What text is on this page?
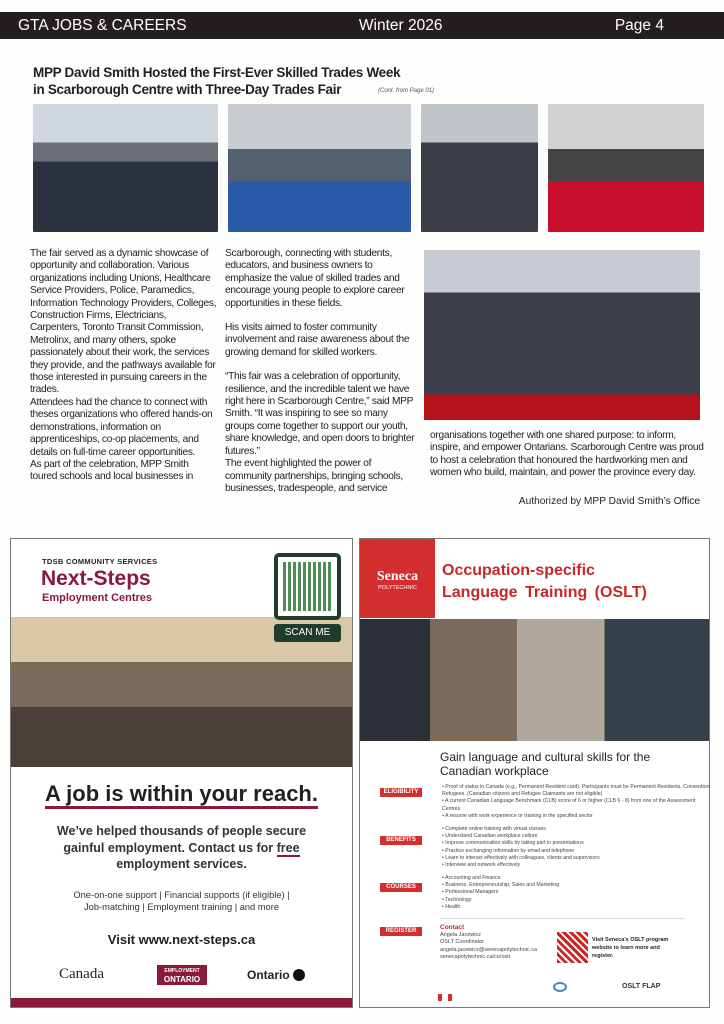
GTA JOBS & CAREERS	Winter 2026	Page 4
MPP David Smith Hosted the First-Ever Skilled Trades Week
in Scarborough Centre with Three-Day Trades Fair	(Cont. from Page 01)

The fair served as a dynamic showcase of opportunity and collaboration. Various organizations including Unions, Healthcare Service Providers, Police, Paramedics, Information Technology Providers, Colleges, Construction Firms, Electricians, Carpenters, Toronto Transit Commission, Metrolinx, and many others, spoke passionately about their work, the services they provide, and the pathways available for those interested in pursuing careers in the trades.

Attendees had the chance to connect with theses organizations who offered hands-on demonstrations, information on apprenticeships, co-op placements, and details on full-time career opportunities.

As part of the celebration, MPP Smith toured schools and local businesses in

Scarborough, connecting with students, educators, and business owners to emphasize the value of skilled trades and encourage young people to explore career opportunities in these fields.

His visits aimed to foster community involvement and raise awareness about the growing demand for skilled workers.

“This fair was a celebration of opportunity, resilience, and the incredible talent we have right here in Scarborough Centre,” said MPP Smith. “It was inspiring to see so many groups come together to support our youth, share knowledge, and open doors to brighter futures.”

The event highlighted the power of community partnerships, bringing schools, businesses, tradespeople, and service

organisations together with one shared purpose: to inform, inspire, and empower Ontarians. Scarborough Centre was proud to host a celebration that honoured the hardworking men and women who build, maintain, and power the province every day.
Authorized by MPP David Smith’s Office
TDSB COMMUNITY SERVICES
Next-Steps
Employment Centres
SCAN ME
A job is within your reach.
We’ve helped thousands of people secure gainful employment. Contact us for free employment services.
One-on-one support | Financial supports (if eligible) |
Job-matching | Employment training | and more
Visit www.next-steps.ca
Canada	EMPLOYMENT
ONTARIO	Ontario
Seneca
POLYTECHNIC
Occupation-specific
Language Training (OSLT)
Gain language and cultural skills for the Canadian workplace
ELIGIBILITY
• Proof of status in Canada (e.g., Permanent Resident card). Participants must be Permanent Residents, Convention Refugees. (Canadian citizens and Refugee Claimants are not eligible)
• A current Canadian Language Benchmark (CLB) score of 6 or higher (CLB 6 - 8) from one of the Assessment Centres
• A resume with work experience or training in the specified sector
BENEFITS
• Complete online training with virtual classes
• Understand Canadian workplace culture
• Improve communication skills by taking part in presentations
• Practice exchanging information by email and telephone
• Learn to interact effectively with colleagues, clients and supervisors
• Interview and network effectively
COURSES
• Accounting and Finance
• Business, Entrepreneurship, Sales and Marketing
• Professional Managers
• Technology
• Health
REGISTER	Contact
Angela Jacewicz
OSLT Coordinator
angela.jacewicz@senecapolytechnic.ca
senecapolytechnic.ca/ce/oslt
Visit Seneca’s OSLT program website to learn more and register.
OSLT FLAP
